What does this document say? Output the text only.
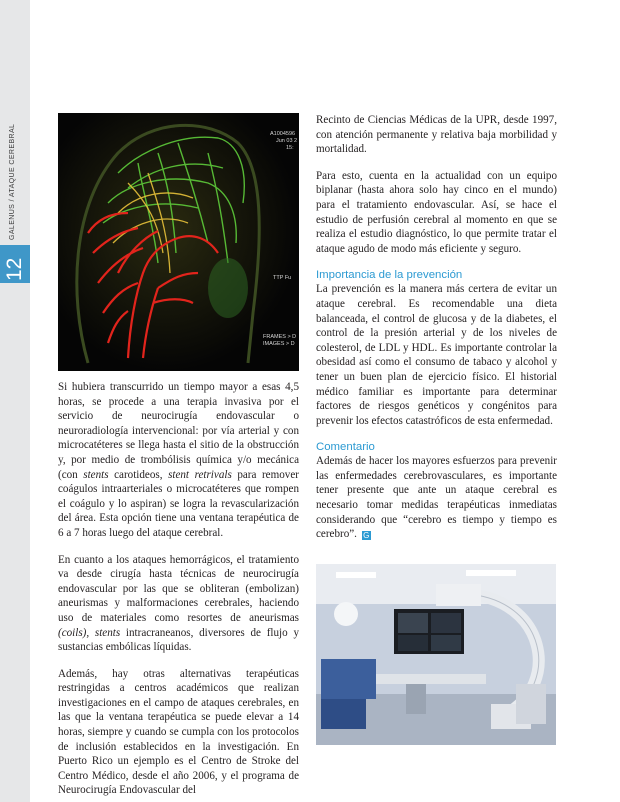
GALENUS / ATAQUE CEREBRAL
12
A1004596
Jun 03 2
15:
TTP Fu
FRAMES > D
IMAGES > D

Si hubiera transcurrido un tiempo mayor a esas 4,5 horas, se procede a una terapia invasiva por el servicio de neurocirugía endovascular o neuroradiología intervencional: por vía arterial y con microcatéteres se llega hasta el sitio de la obstrucción y, por medio de trombólisis química y/o mecánica (con stents carotideos, stent retrivals para remover coágulos intraarteriales o microcatéteres que rompen el coágulo y lo aspiran) se logra la revascularización del área. Esta opción tiene una ventana terapéutica de 6 a 7 horas luego del ataque cerebral.

En cuanto a los ataques hemorrágicos, el tratamiento va desde cirugía hasta técnicas de neurocirugía endovascular por las que se obliteran (embolizan) aneurismas y malformaciones cerebrales, haciendo uso de materiales como resortes de aneurismas (coils), stents intracraneanos, diversores de flujo y sustancias embólicas líquidas.

Además, hay otras alternativas terapéuticas restringidas a centros académicos que realizan investigaciones en el campo de ataques cerebrales, en las que la ventana terapéutica se puede elevar a 14 horas, siempre y cuando se cumpla con los protocolos de inclusión establecidos en la investigación. En Puerto Rico un ejemplo es el Centro de Stroke del Centro Médico, desde el año 2006, y el programa de Neurocirugía Endovascular del

Recinto de Ciencias Médicas de la UPR, desde 1997, con atención permanente y relativa baja morbilidad y mortalidad.

Para esto, cuenta en la actualidad con un equipo biplanar (hasta ahora solo hay cinco en el mundo) para el tratamiento endovascular. Así, se hace el estudio de perfusión cerebral al momento en que se realiza el estudio diagnóstico, lo que permite tratar el ataque agudo de modo más eficiente y seguro.

Importancia de la prevención

La prevención es la manera más certera de evitar un ataque cerebral. Es recomendable una dieta balanceada, el control de glucosa y de la diabetes, el control de la presión arterial y de los niveles de colesterol, de LDL y HDL. Es importante controlar la obesidad así como el consumo de tabaco y alcohol y tener un buen plan de ejercicio físico. El historial médico familiar es importante para determinar factores de riesgos genéticos y congénitos para prevenir los efectos catastróficos de esta enfermedad.

Comentario

Además de hacer los mayores esfuerzos para prevenir las enfermedades cerebrovasculares, es importante tener presente que ante un ataque cerebral es necesario tomar medidas terapéuticas inmediatas considerando que “cerebro es tiempo y tiempo es cerebro”. G
